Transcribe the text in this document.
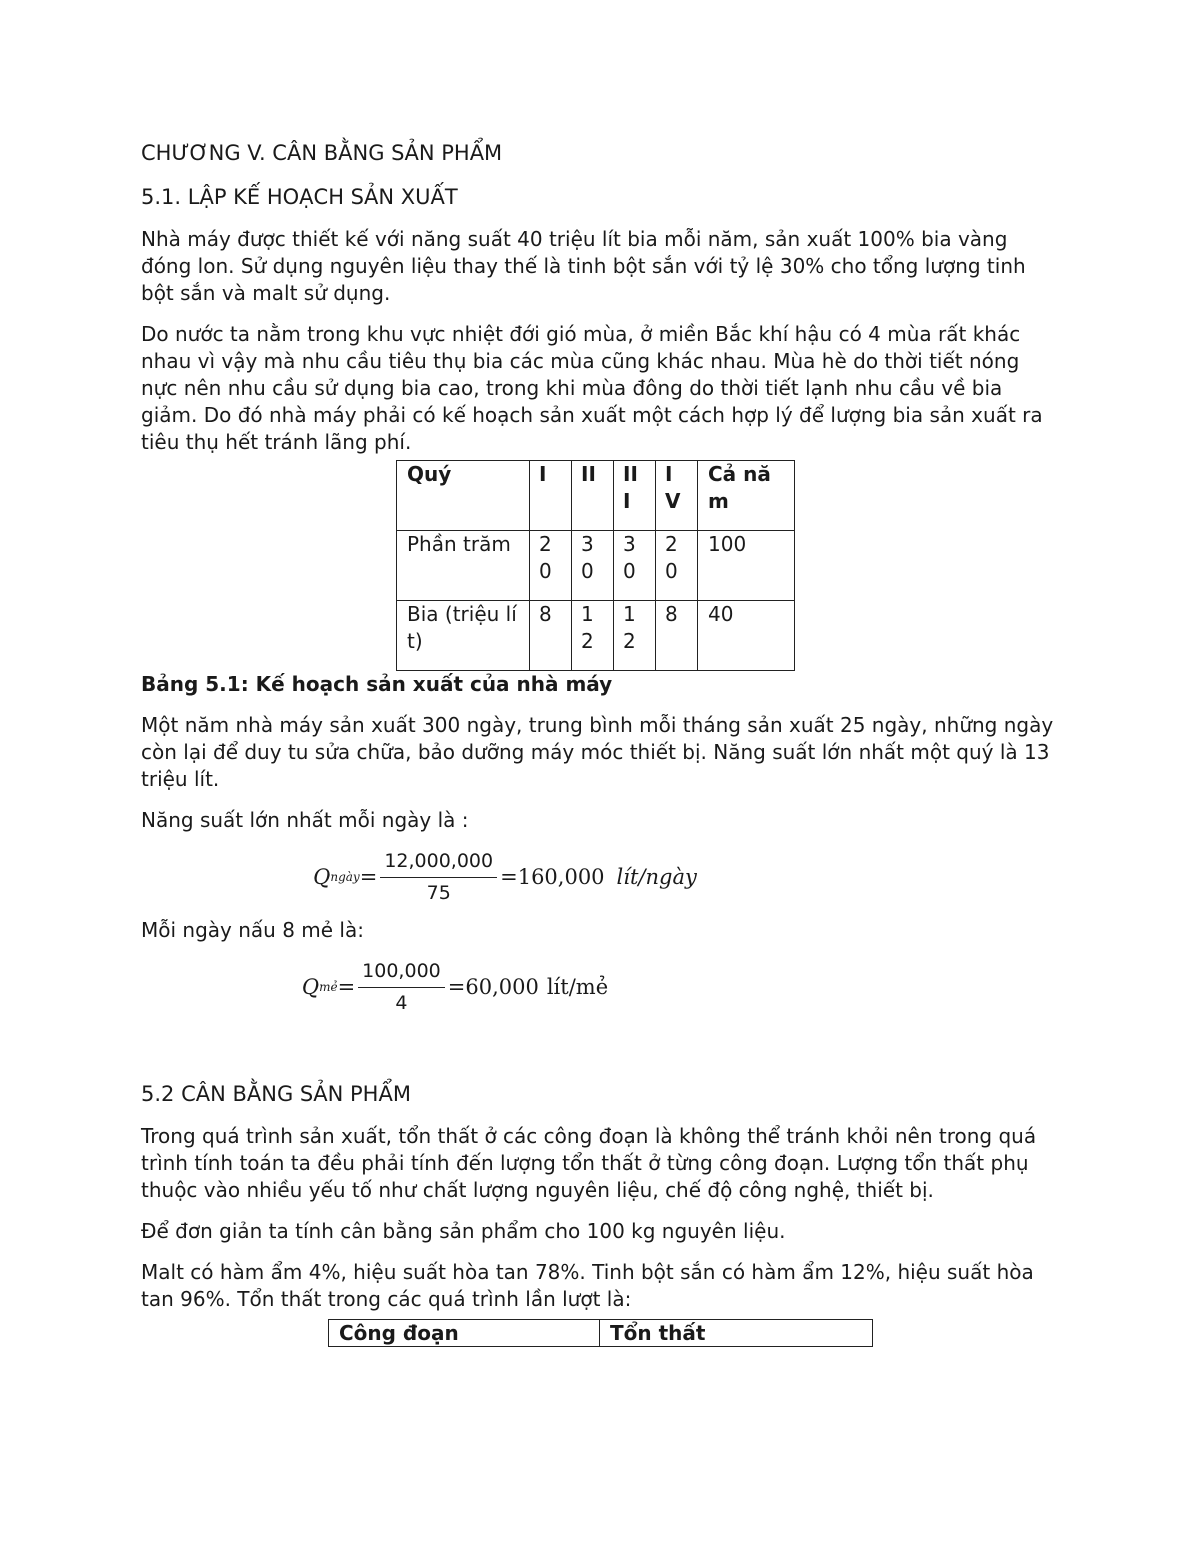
CHƯƠNG V. CÂN BẰNG SẢN PHẨM
5.1. LẬP KẾ HOẠCH SẢN XUẤT

Nhà máy được thiết kế với năng suất 40 triệu lít bia mỗi năm, sản xuất 100% bia vàng đóng lon. Sử dụng nguyên liệu thay thế là tinh bột sắn với tỷ lệ 30% cho tổng lượng tinh bột sắn và malt sử dụng.

Do nước ta nằm trong khu vực nhiệt đới gió mùa, ở miền Bắc khí hậu có 4 mùa rất khác nhau vì vậy mà nhu cầu tiêu thụ bia các mùa cũng khác nhau. Mùa hè do thời tiết nóng nực nên nhu cầu sử dụng bia cao, trong khi mùa đông do thời tiết lạnh nhu cầu về bia giảm. Do đó nhà máy phải có kế hoạch sản xuất một cách hợp lý để lượng bia sản xuất ra tiêu thụ hết tránh lãng phí.

Quý	I	II	III	IV	Cả năm
Phần trăm	20	30	30	20	100
Bia (triệu lít)	8	12	12	8	40
Bảng 5.1: Kế hoạch sản xuất của nhà máy

Một năm nhà máy sản xuất 300 ngày, trung bình mỗi tháng sản xuất 25 ngày, những ngày còn lại để duy tu sửa chữa, bảo dưỡng máy móc thiết bị. Năng suất lớn nhất một quý là 13 triệu lít.

Năng suất lớn nhất mỗi ngày là :

Q ngày = $\frac{12,000,000}{75} =160,000$ lít/ngày

Mỗi ngày nấu 8 mẻ là:

Q mẻ = $\frac{100,000}{4} =60,000$ lít/mẻ
5.2 CÂN BẰNG SẢN PHẨM

Trong quá trình sản xuất, tổn thất ở các công đoạn là không thể tránh khỏi nên trong quá trình tính toán ta đều phải tính đến lượng tổn thất ở từng công đoạn. Lượng tổn thất phụ thuộc vào nhiều yếu tố như chất lượng nguyên liệu, chế độ công nghệ, thiết bị.

Để đơn giản ta tính cân bằng sản phẩm cho 100 kg nguyên liệu.

Malt có hàm ẩm 4%, hiệu suất hòa tan 78%. Tinh bột sắn có hàm ẩm 12%, hiệu suất hòa tan 96%. Tổn thất trong các quá trình lần lượt là:

Công đoạn	Tổn thất
